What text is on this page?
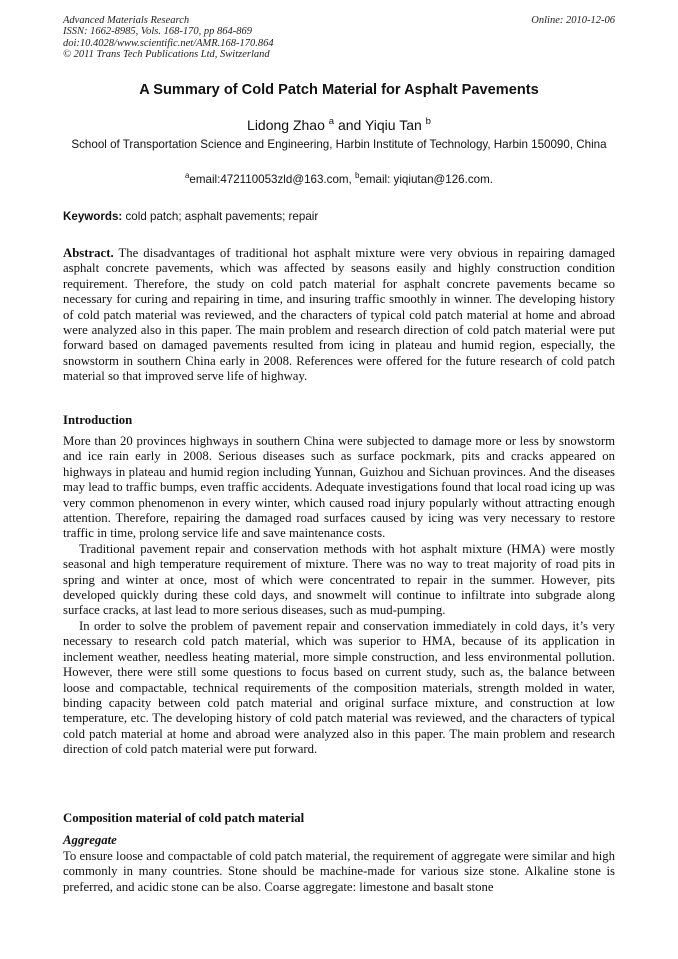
Advanced Materials Research
ISSN: 1662-8985, Vols. 168-170, pp 864-869
doi:10.4028/www.scientific.net/AMR.168-170.864
© 2011 Trans Tech Publications Ltd, Switzerland
Online: 2010-12-06
A Summary of Cold Patch Material for Asphalt Pavements
Lidong Zhao $^a$ and Yiqiu Tan $^b$
School of Transportation Science and Engineering, Harbin Institute of Technology, Harbin 150090, China
$^a$email:472110053zld@163.com, $^b$email: yiqiutan@126.com.
Keywords: cold patch; asphalt pavements; repair

Abstract. The disadvantages of traditional hot asphalt mixture were very obvious in repairing damaged asphalt concrete pavements, which was affected by seasons easily and highly construction condition requirement. Therefore, the study on cold patch material for asphalt concrete pavements became so necessary for curing and repairing in time, and insuring traffic smoothly in winner. The developing history of cold patch material was reviewed, and the characters of typical cold patch material at home and abroad were analyzed also in this paper. The main problem and research direction of cold patch material were put forward based on damaged pavements resulted from icing in plateau and humid region, especially, the snowstorm in southern China early in 2008. References were offered for the future research of cold patch material so that improved serve life of highway.

Introduction

More than 20 provinces highways in southern China were subjected to damage more or less by snowstorm and ice rain early in 2008. Serious diseases such as surface pockmark, pits and cracks appeared on highways in plateau and humid region including Yunnan, Guizhou and Sichuan provinces. And the diseases may lead to traffic bumps, even traffic accidents. Adequate investigations found that local road icing up was very common phenomenon in every winter, which caused road injury popularly without attracting enough attention. Therefore, repairing the damaged road surfaces caused by icing was very necessary to restore traffic in time, prolong service life and save maintenance costs.

Traditional pavement repair and conservation methods with hot asphalt mixture (HMA) were mostly seasonal and high temperature requirement of mixture. There was no way to treat majority of road pits in spring and winter at once, most of which were concentrated to repair in the summer. However, pits developed quickly during these cold days, and snowmelt will continue to infiltrate into subgrade along surface cracks, at last lead to more serious diseases, such as mud-pumping.

In order to solve the problem of pavement repair and conservation immediately in cold days, it’s very necessary to research cold patch material, which was superior to HMA, because of its application in inclement weather, needless heating material, more simple construction, and less environmental pollution. However, there were still some questions to focus based on current study, such as, the balance between loose and compactable, technical requirements of the composition materials, strength molded in water, binding capacity between cold patch material and original surface mixture, and construction at low temperature, etc. The developing history of cold patch material was reviewed, and the characters of typical cold patch material at home and abroad were analyzed also in this paper. The main problem and research direction of cold patch material were put forward.

Composition material of cold patch material
Aggregate

To ensure loose and compactable of cold patch material, the requirement of aggregate were similar and high commonly in many countries. Stone should be machine-made for various size stone. Alkaline stone is preferred, and acidic stone can be also. Coarse aggregate: limestone and basalt stone
